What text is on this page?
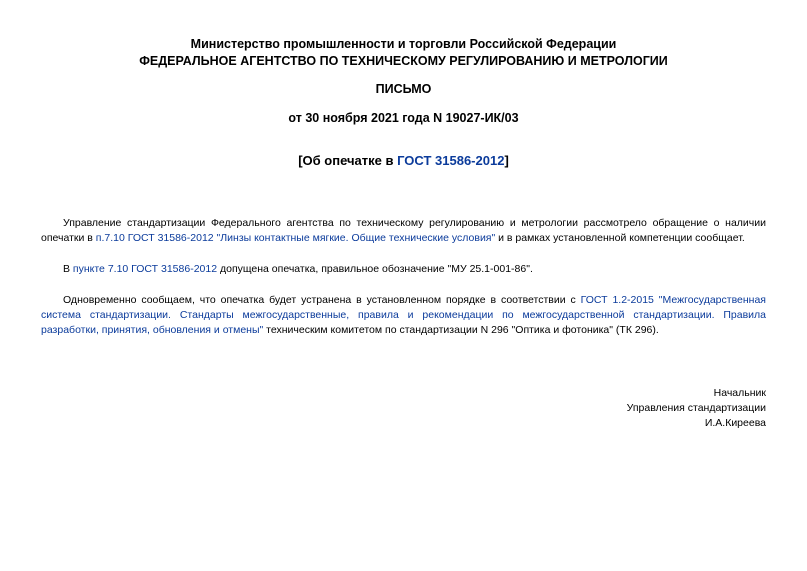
Министерство промышленности и торговли Российской Федерации
ФЕДЕРАЛЬНОЕ АГЕНТСТВО ПО ТЕХНИЧЕСКОМУ РЕГУЛИРОВАНИЮ И МЕТРОЛОГИИ
ПИСЬМО
от 30 ноября 2021 года N 19027-ИК/03
[Об опечатке в ГОСТ 31586-2012]

Управление стандартизации Федерального агентства по техническому регулированию и метрологии рассмотрело обращение о наличии опечатки в п.7.10 ГОСТ 31586-2012 "Линзы контактные мягкие. Общие технические условия" и в рамках установленной компетенции сообщает.

В пункте 7.10 ГОСТ 31586-2012 допущена опечатка, правильное обозначение "МУ 25.1-001-86".

Одновременно сообщаем, что опечатка будет устранена в установленном порядке в соответствии с ГОСТ 1.2-2015 "Межгосударственная система стандартизации. Стандарты межгосударственные, правила и рекомендации по межгосударственной стандартизации. Правила разработки, принятия, обновления и отмены" техническим комитетом по стандартизации N 296 "Оптика и фотоника" (ТК 296).

Начальник
Управления стандартизации
И.А.Киреева
